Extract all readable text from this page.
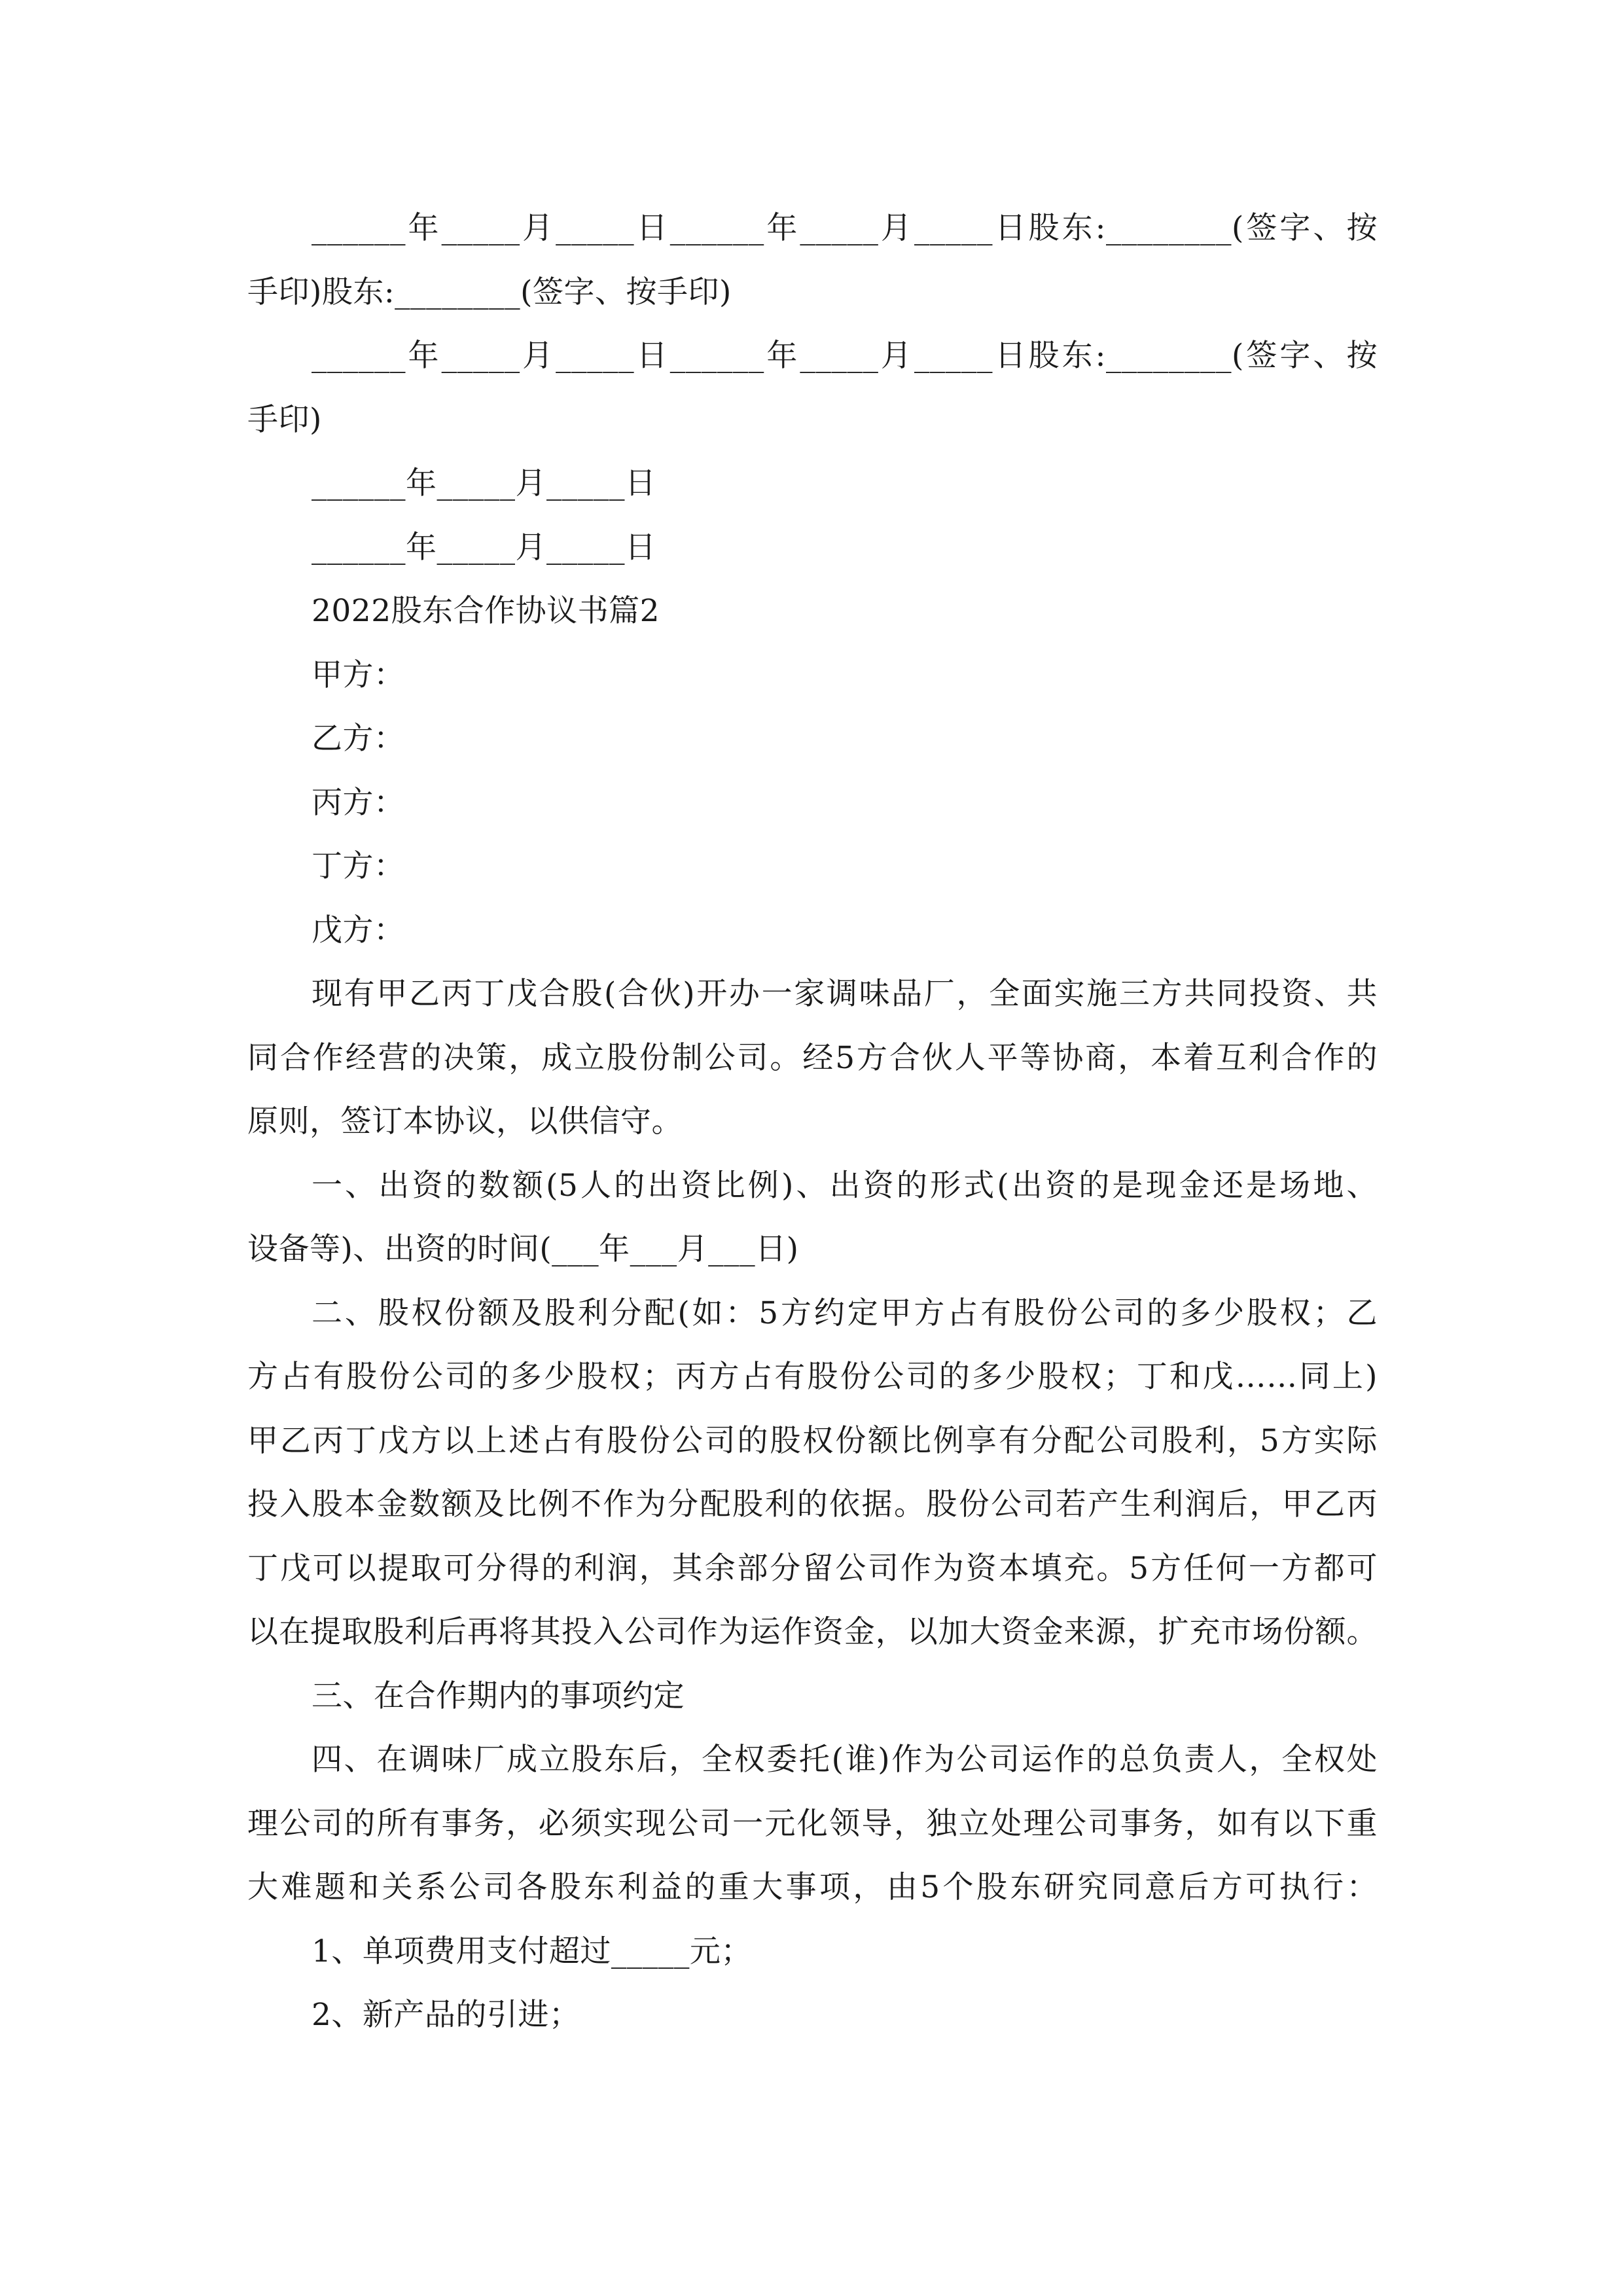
______年_____月_____日______年_____月_____日股东:________(签字、按

手印)股东:________(签字、按手印)

______年_____月_____日______年_____月_____日股东:________(签字、按

手印)

______年_____月_____日

______年_____月_____日

2022股东合作协议书篇2

甲方：

乙方：

丙方：

丁方：

戊方：

现有甲乙丙丁戊合股(合伙)开办一家调味品厂，全面实施三方共同投资、共

同合作经营的决策，成立股份制公司。经5方合伙人平等协商，本着互利合作的

原则，签订本协议，以供信守。

一、出资的数额(5人的出资比例)、出资的形式(出资的是现金还是场地、

设备等)、出资的时间(___年___月___日)

二、股权份额及股利分配(如：5方约定甲方占有股份公司的多少股权；乙

方占有股份公司的多少股权；丙方占有股份公司的多少股权；丁和戊……同上)

甲乙丙丁戊方以上述占有股份公司的股权份额比例享有分配公司股利，5方实际

投入股本金数额及比例不作为分配股利的依据。股份公司若产生利润后，甲乙丙

丁戊可以提取可分得的利润，其余部分留公司作为资本填充。5方任何一方都可

以在提取股利后再将其投入公司作为运作资金，以加大资金来源，扩充市场份额。

三、在合作期内的事项约定

四、在调味厂成立股东后，全权委托(谁)作为公司运作的总负责人，全权处

理公司的所有事务，必须实现公司一元化领导，独立处理公司事务，如有以下重

大难题和关系公司各股东利益的重大事项，由5个股东研究同意后方可执行：

1、单项费用支付超过_____元；

2、新产品的引进；
